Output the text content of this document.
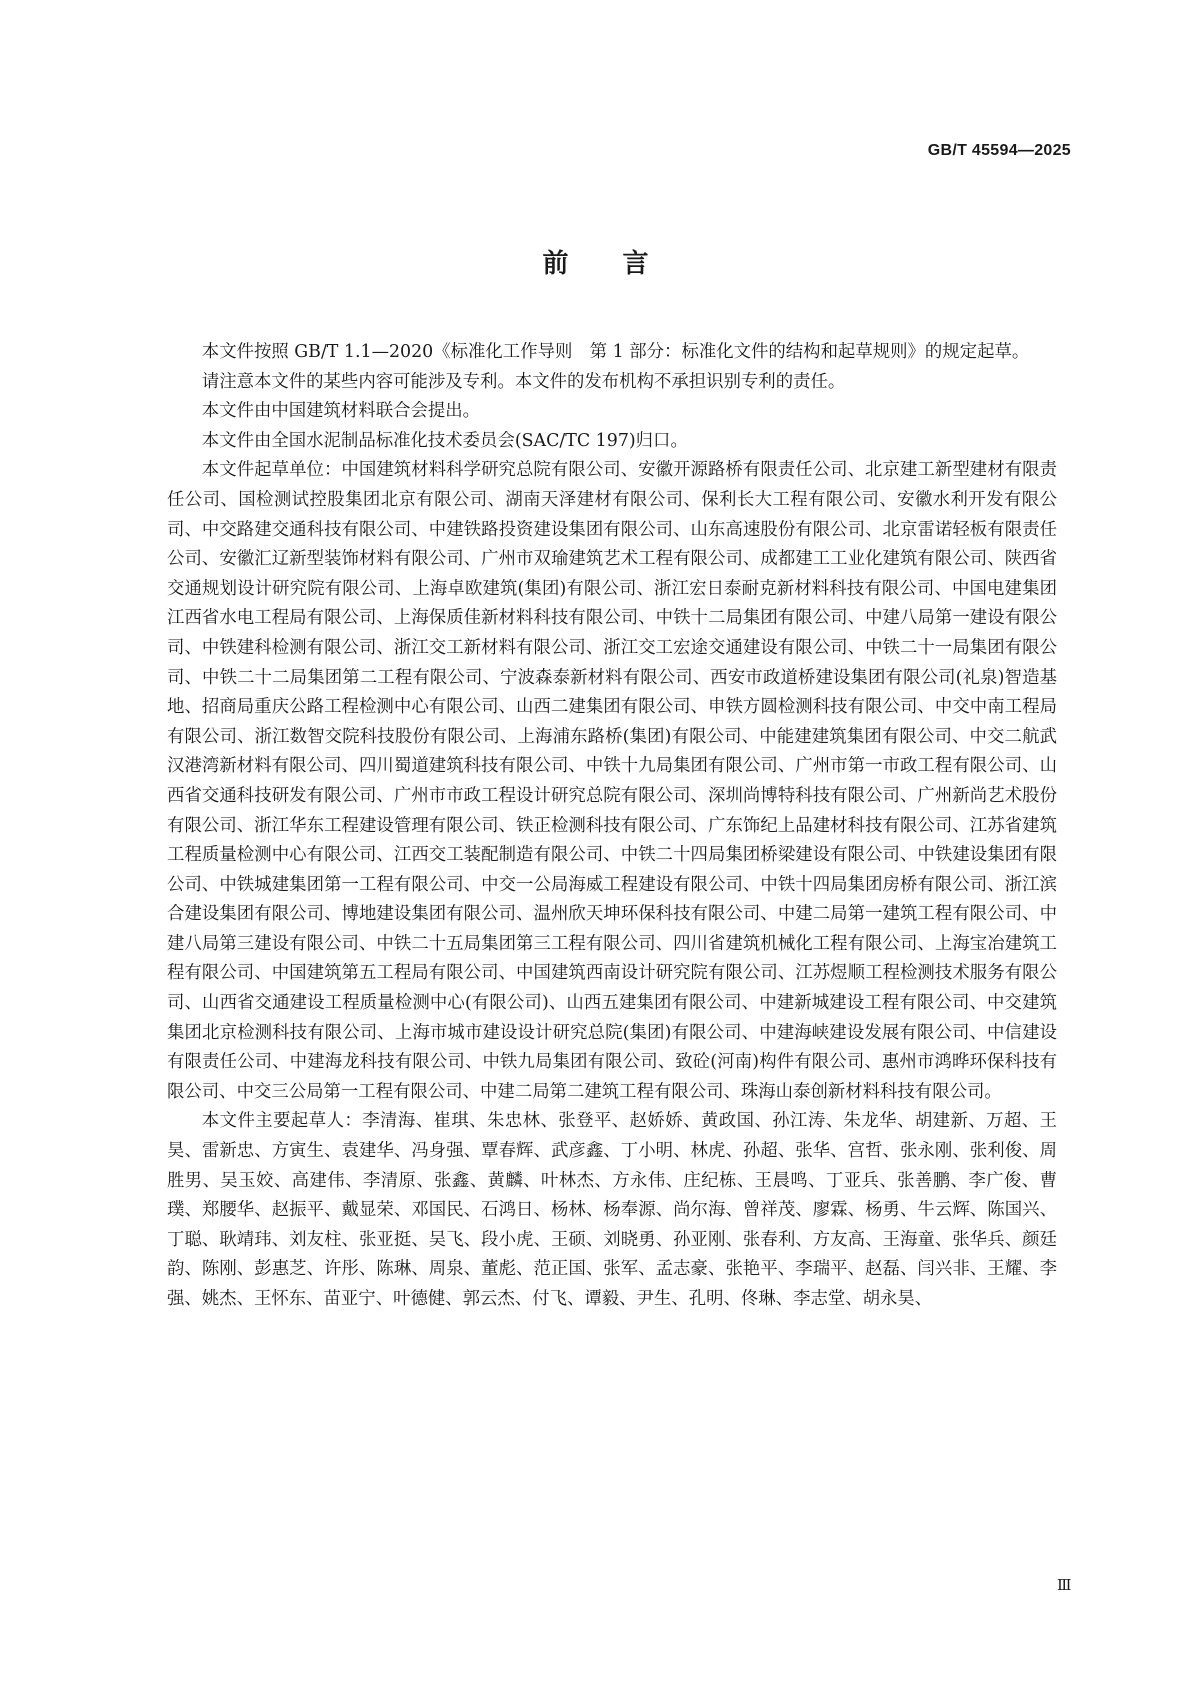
GB/T 45594—2025
前言

本文件按照 GB/T 1.1—2020《标准化工作导则　第 1 部分：标准化文件的结构和起草规则》的规定起草。

请注意本文件的某些内容可能涉及专利。本文件的发布机构不承担识别专利的责任。

本文件由中国建筑材料联合会提出。

本文件由全国水泥制品标准化技术委员会(SAC/TC 197)归口。

本文件起草单位：中国建筑材料科学研究总院有限公司、安徽开源路桥有限责任公司、北京建工新型建材有限责任公司、国检测试控股集团北京有限公司、湖南天泽建材有限公司、保利长大工程有限公司、安徽水利开发有限公司、中交路建交通科技有限公司、中建铁路投资建设集团有限公司、山东高速股份有限公司、北京雷诺轻板有限责任公司、安徽汇辽新型装饰材料有限公司、广州市双瑜建筑艺术工程有限公司、成都建工工业化建筑有限公司、陕西省交通规划设计研究院有限公司、上海卓欧建筑(集团)有限公司、浙江宏日泰耐克新材料科技有限公司、中国电建集团江西省水电工程局有限公司、上海保质佳新材料科技有限公司、中铁十二局集团有限公司、中建八局第一建设有限公司、中铁建科检测有限公司、浙江交工新材料有限公司、浙江交工宏途交通建设有限公司、中铁二十一局集团有限公司、中铁二十二局集团第二工程有限公司、宁波森泰新材料有限公司、西安市政道桥建设集团有限公司(礼泉)智造基地、招商局重庆公路工程检测中心有限公司、山西二建集团有限公司、申铁方圆检测科技有限公司、中交中南工程局有限公司、浙江数智交院科技股份有限公司、上海浦东路桥(集团)有限公司、中能建建筑集团有限公司、中交二航武汉港湾新材料有限公司、四川蜀道建筑科技有限公司、中铁十九局集团有限公司、广州市第一市政工程有限公司、山西省交通科技研发有限公司、广州市市政工程设计研究总院有限公司、深圳尚博特科技有限公司、广州新尚艺术股份有限公司、浙江华东工程建设管理有限公司、铁正检测科技有限公司、广东饰纪上品建材科技有限公司、江苏省建筑工程质量检测中心有限公司、江西交工装配制造有限公司、中铁二十四局集团桥梁建设有限公司、中铁建设集团有限公司、中铁城建集团第一工程有限公司、中交一公局海威工程建设有限公司、中铁十四局集团房桥有限公司、浙江滨合建设集团有限公司、博地建设集团有限公司、温州欣天坤环保科技有限公司、中建二局第一建筑工程有限公司、中建八局第三建设有限公司、中铁二十五局集团第三工程有限公司、四川省建筑机械化工程有限公司、上海宝冶建筑工程有限公司、中国建筑第五工程局有限公司、中国建筑西南设计研究院有限公司、江苏煜顺工程检测技术服务有限公司、山西省交通建设工程质量检测中心(有限公司)、山西五建集团有限公司、中建新城建设工程有限公司、中交建筑集团北京检测科技有限公司、上海市城市建设设计研究总院(集团)有限公司、中建海峡建设发展有限公司、中信建设有限责任公司、中建海龙科技有限公司、中铁九局集团有限公司、致砼(河南)构件有限公司、惠州市鸿晔环保科技有限公司、中交三公局第一工程有限公司、中建二局第二建筑工程有限公司、珠海山泰创新材料科技有限公司。

本文件主要起草人：李清海、崔琪、朱忠林、张登平、赵娇娇、黄政国、孙江涛、朱龙华、胡建新、万超、王昊、雷新忠、方寅生、袁建华、冯身强、覃春辉、武彦鑫、丁小明、林虎、孙超、张华、宫哲、张永刚、张利俊、周胜男、吴玉姣、高建伟、李清原、张鑫、黄麟、叶林杰、方永伟、庄纪栋、王晨鸣、丁亚兵、张善鹏、李广俊、曹璞、郑腰华、赵振平、戴显荣、邓国民、石鸿日、杨林、杨奉源、尚尔海、曾祥茂、廖霖、杨勇、牛云辉、陈国兴、丁聪、耿靖玮、刘友柱、张亚挺、吴飞、段小虎、王硕、刘晓勇、孙亚刚、张春利、方友高、王海童、张华兵、颜廷韵、陈刚、彭惠芝、许彤、陈琳、周泉、董彪、范正国、张军、孟志豪、张艳平、李瑞平、赵磊、闫兴非、王耀、李强、姚杰、王怀东、苗亚宁、叶德健、郭云杰、付飞、谭毅、尹生、孔明、佟琳、李志堂、胡永昊、

Ⅲ
